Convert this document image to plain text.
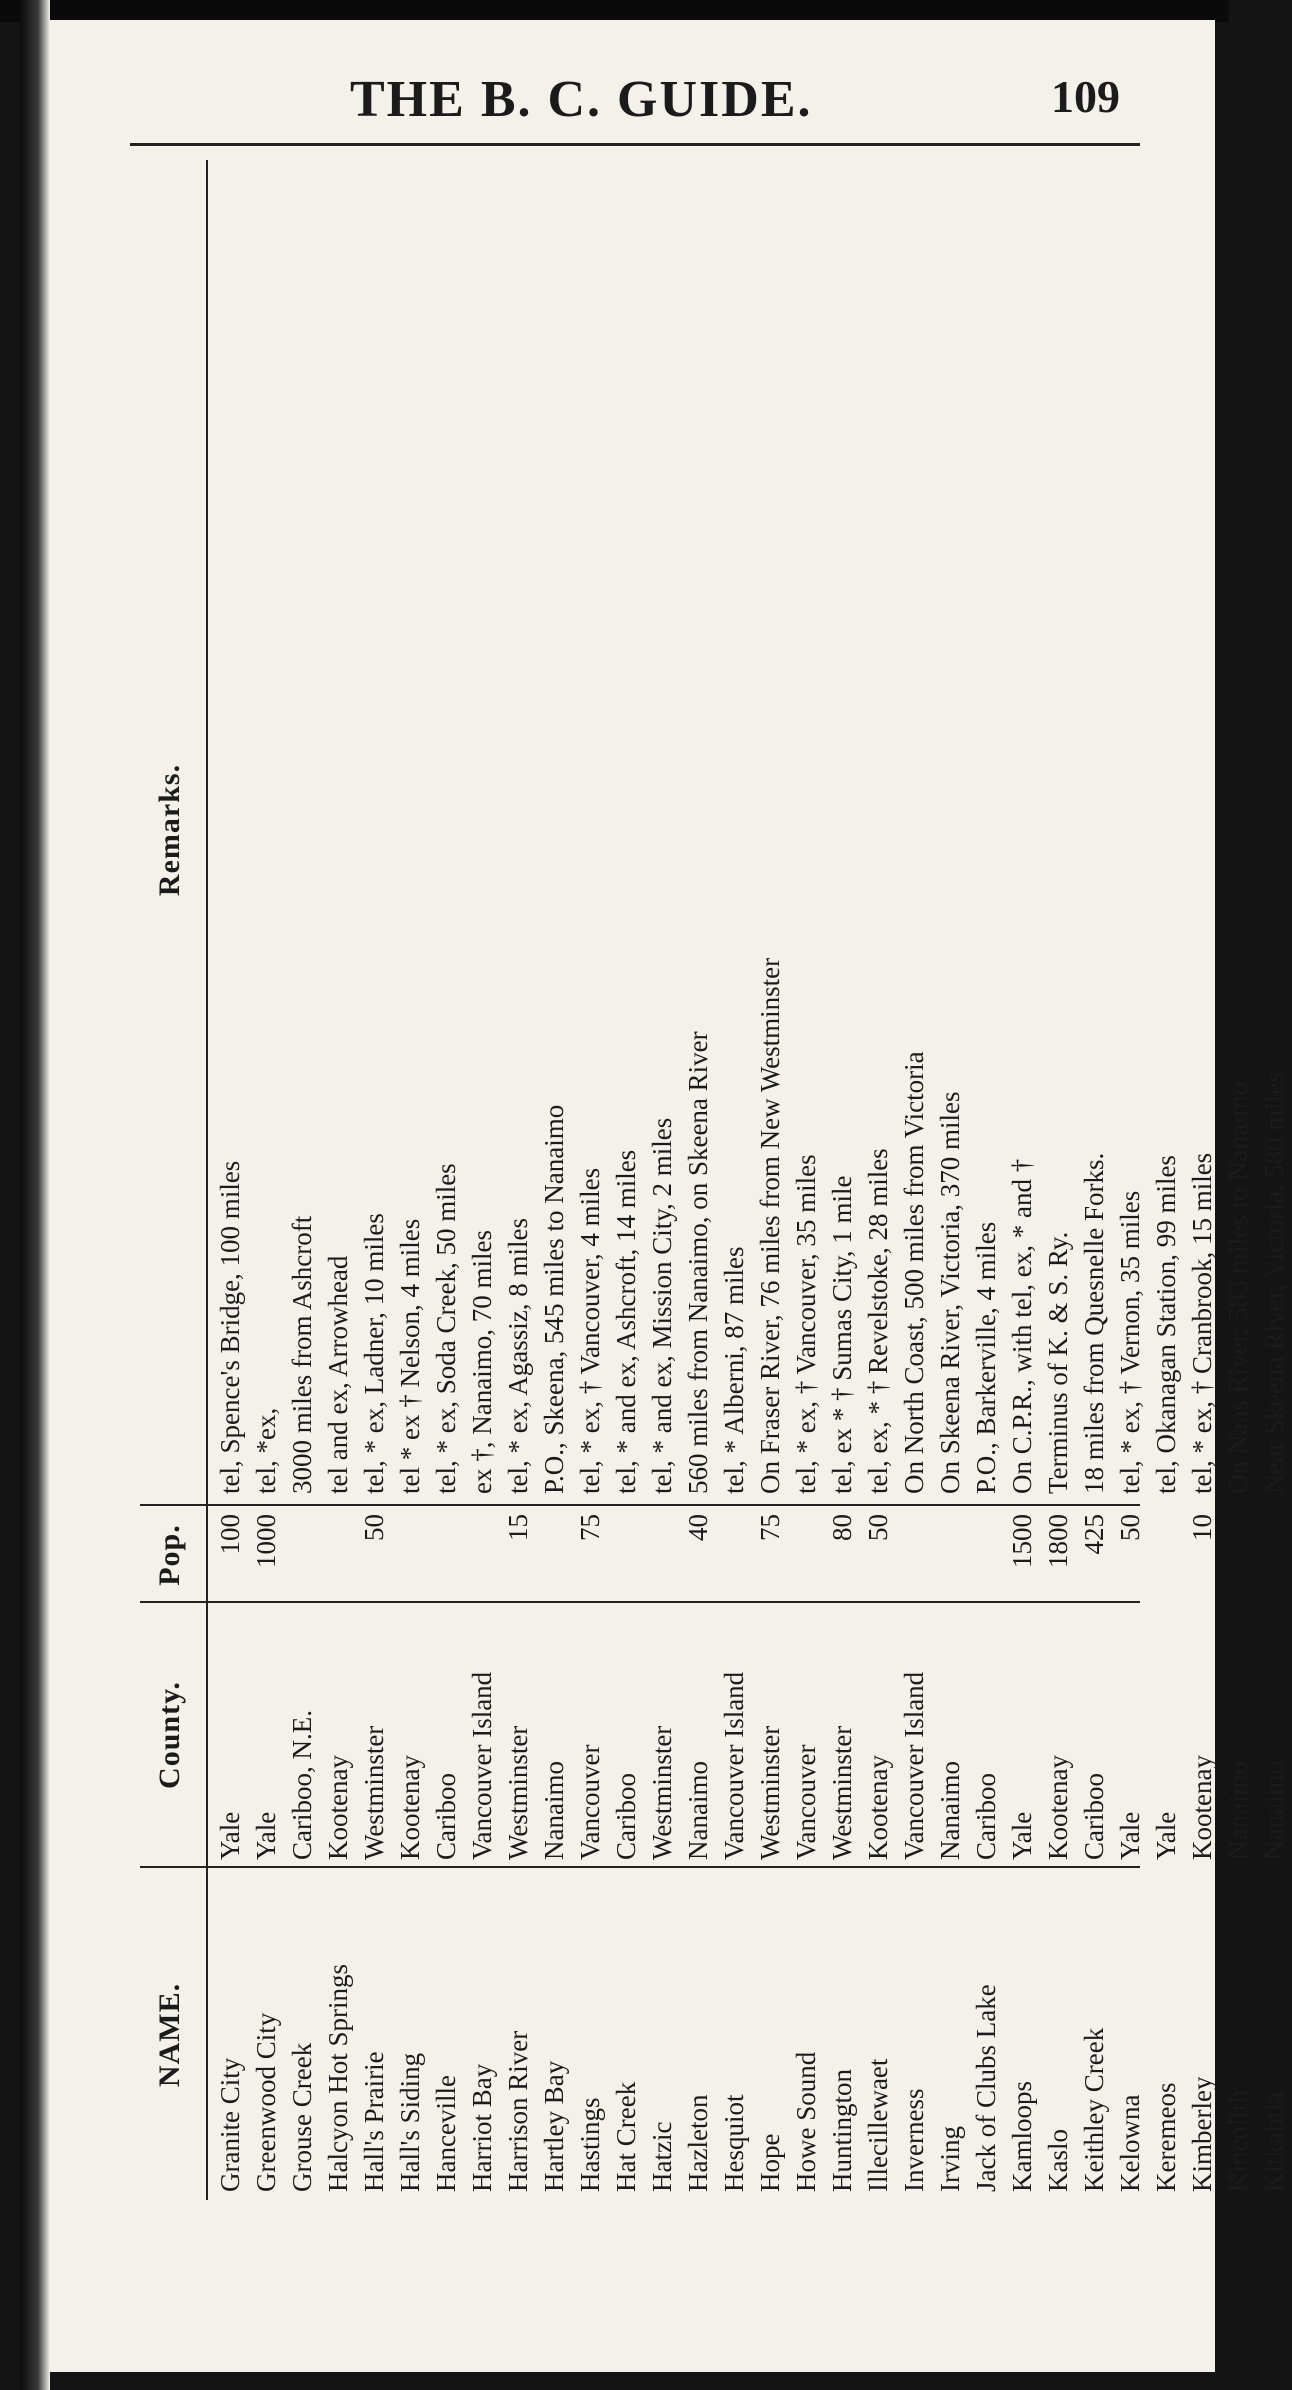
THE B. C. GUIDE.	109
NAME.
County.
Pop.
Remarks.
Granite City
Yale
100
tel, Spence's Bridge, 100 miles
Greenwood City
Yale
1000
tel, *ex,
Grouse Creek
Cariboo, N.E.
3000 miles from Ashcroft
Halcyon Hot Springs
Kootenay
tel and ex, Arrowhead
Hall's Prairie
Westminster
50
tel, * ex, Ladner, 10 miles
Hall's Siding
Kootenay
tel * ex † Nelson, 4 miles
Hanceville
Cariboo
tel, * ex, Soda Creek, 50 miles
Harriot Bay
Vancouver Island
ex †, Nanaimo, 70 miles
Harrison River
Westminster
15
tel, * ex, Agassiz, 8 miles
Hartley Bay
Nanaimo
P.O., Skeena, 545 miles to Nanaimo
Hastings
Vancouver
75
tel, * ex, † Vancouver, 4 miles
Hat Creek
Cariboo
tel, * and ex, Ashcroft, 14 miles
Hatzic
Westminster
tel, * and ex, Mission City, 2 miles
Hazleton
Nanaimo
40
560 miles from Nanaimo, on Skeena River
Hesquiot
Vancouver Island
tel, * Alberni, 87 miles
Hope
Westminster
75
On Fraser River, 76 miles from New Westminster
Howe Sound
Vancouver
tel, * ex, † Vancouver, 35 miles
Huntington
Westminster
80
tel, ex * † Sumas City, 1 mile
Illecillewaet
Kootenay
50
tel, ex, * † Revelstoke, 28 miles
Inverness
Vancouver Island
On North Coast, 500 miles from Victoria
Irving
Nanaimo
On Skeena River, Victoria, 370 miles
Jack of Clubs Lake
Cariboo
P.O., Barkerville, 4 miles
Kamloops
Yale
1500
On C.P.R., with tel, ex, * and †
Kaslo
Kootenay
1800
Terminus of K. & S. Ry.
Keithley Creek
Cariboo
425
18 miles from Quesnelle Forks.
Kelowna
Yale
50
tel, * ex, † Vernon, 35 miles
Keremeos
Yale
tel, Okanagan Station, 99 miles
Kimberley
Kootenay
10
tel, * ex, † Cranbrook, 15 miles
Kincolith
Nanaimo
On Naas River, 583 miles to Nanaimo
Kitkahtla
Nanaimo
Near Skeena River, Victoria, 580 miles
